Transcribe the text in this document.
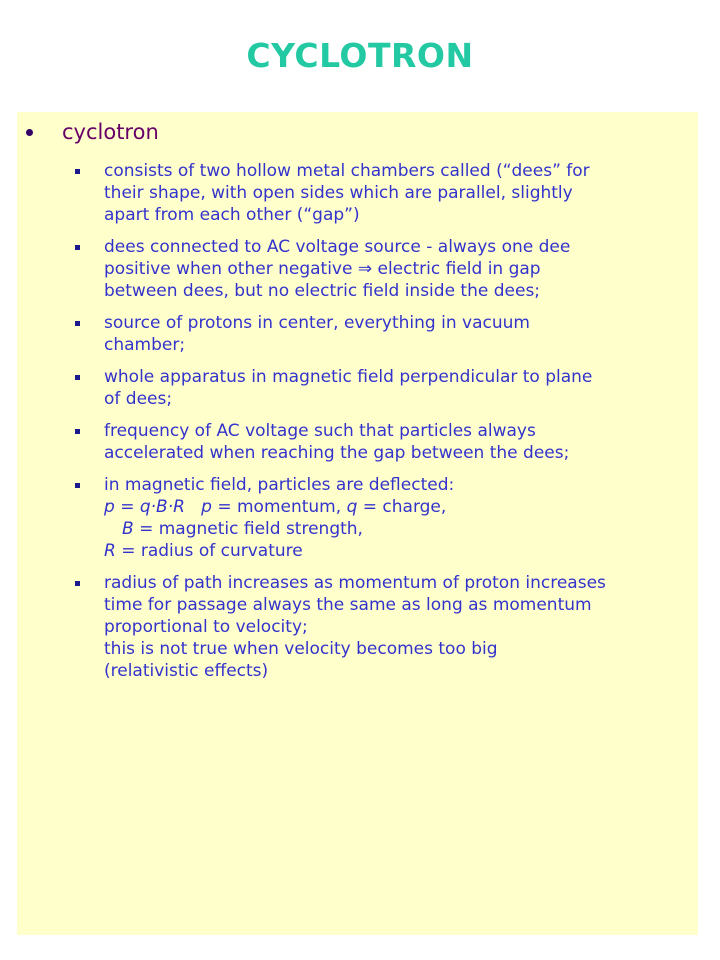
CYCLOTRON
cyclotron
consists of two hollow metal chambers called (“dees” for
their shape, with open sides which are parallel, slightly
apart from each other (“gap”)
dees connected to AC voltage source - always one dee
positive when other negative ⇒ electric field in gap
between dees, but no electric field inside the dees;
source of protons in center, everything in vacuum
chamber;
whole apparatus in magnetic field perpendicular to plane
of dees;
frequency of AC voltage such that particles always
accelerated when reaching the gap between the dees;
in magnetic field, particles are deflected:
p = q·B·R p = momentum, q = charge,
B = magnetic field strength,
R = radius of curvature
radius of path increases as momentum of proton increases
time for passage always the same as long as momentum
proportional to velocity;
this is not true when velocity becomes too big
(relativistic effects)
